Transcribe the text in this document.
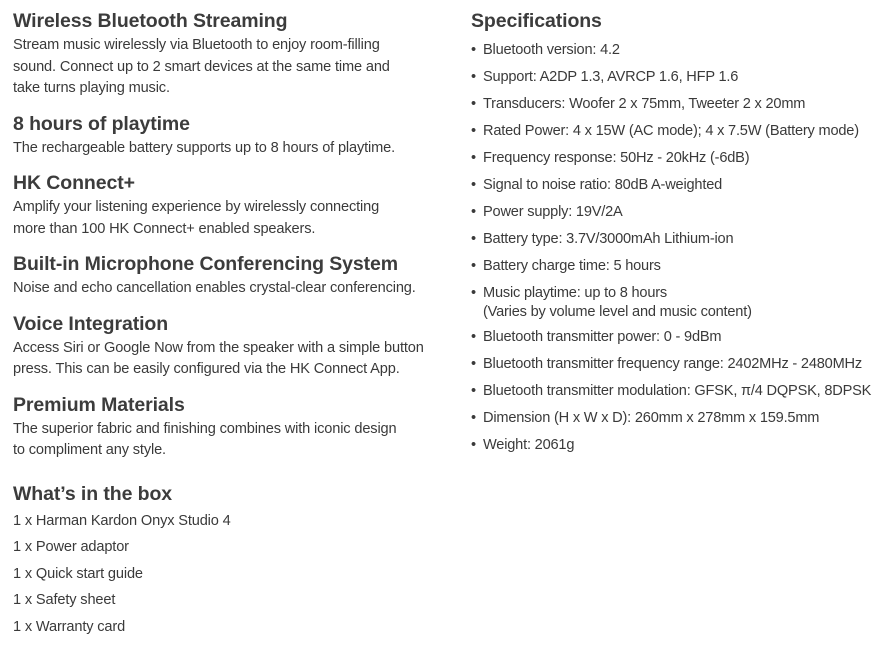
Wireless Bluetooth Streaming

Stream music wirelessly via Bluetooth to enjoy room-filling
sound. Connect up to 2 smart devices at the same time and
take turns playing music.

8 hours of playtime

The rechargeable battery supports up to 8 hours of playtime.

HK Connect+

Amplify your listening experience by wirelessly connecting
more than 100 HK Connect+ enabled speakers.

Built-in Microphone Conferencing System

Noise and echo cancellation enables crystal-clear conferencing.

Voice Integration

Access Siri or Google Now from the speaker with a simple button
press. This can be easily configured via the HK Connect App.

Premium Materials

The superior fabric and finishing combines with iconic design
to compliment any style.

What’s in the box
1 x Harman Kardon Onyx Studio 4
1 x Power adaptor
1 x Quick start guide
1 x Safety sheet
1 x Warranty card
Specifications
• Bluetooth version: 4.2
• Support: A2DP 1.3, AVRCP 1.6, HFP 1.6
• Transducers: Woofer 2 x 75mm, Tweeter 2 x 20mm
• Rated Power: 4 x 15W (AC mode); 4 x 7.5W (Battery mode)
• Frequency response: 50Hz - 20kHz (-6dB)
• Signal to noise ratio: 80dB A-weighted
• Power supply: 19V/2A
• Battery type: 3.7V/3000mAh Lithium-ion
• Battery charge time: 5 hours
• Music playtime: up to 8 hours
(Varies by volume level and music content)
• Bluetooth transmitter power: 0 - 9dBm
• Bluetooth transmitter frequency range: 2402MHz - 2480MHz
• Bluetooth transmitter modulation: GFSK, π/4 DQPSK, 8DPSK
• Dimension (H x W x D): 260mm x 278mm x 159.5mm
• Weight: 2061g
